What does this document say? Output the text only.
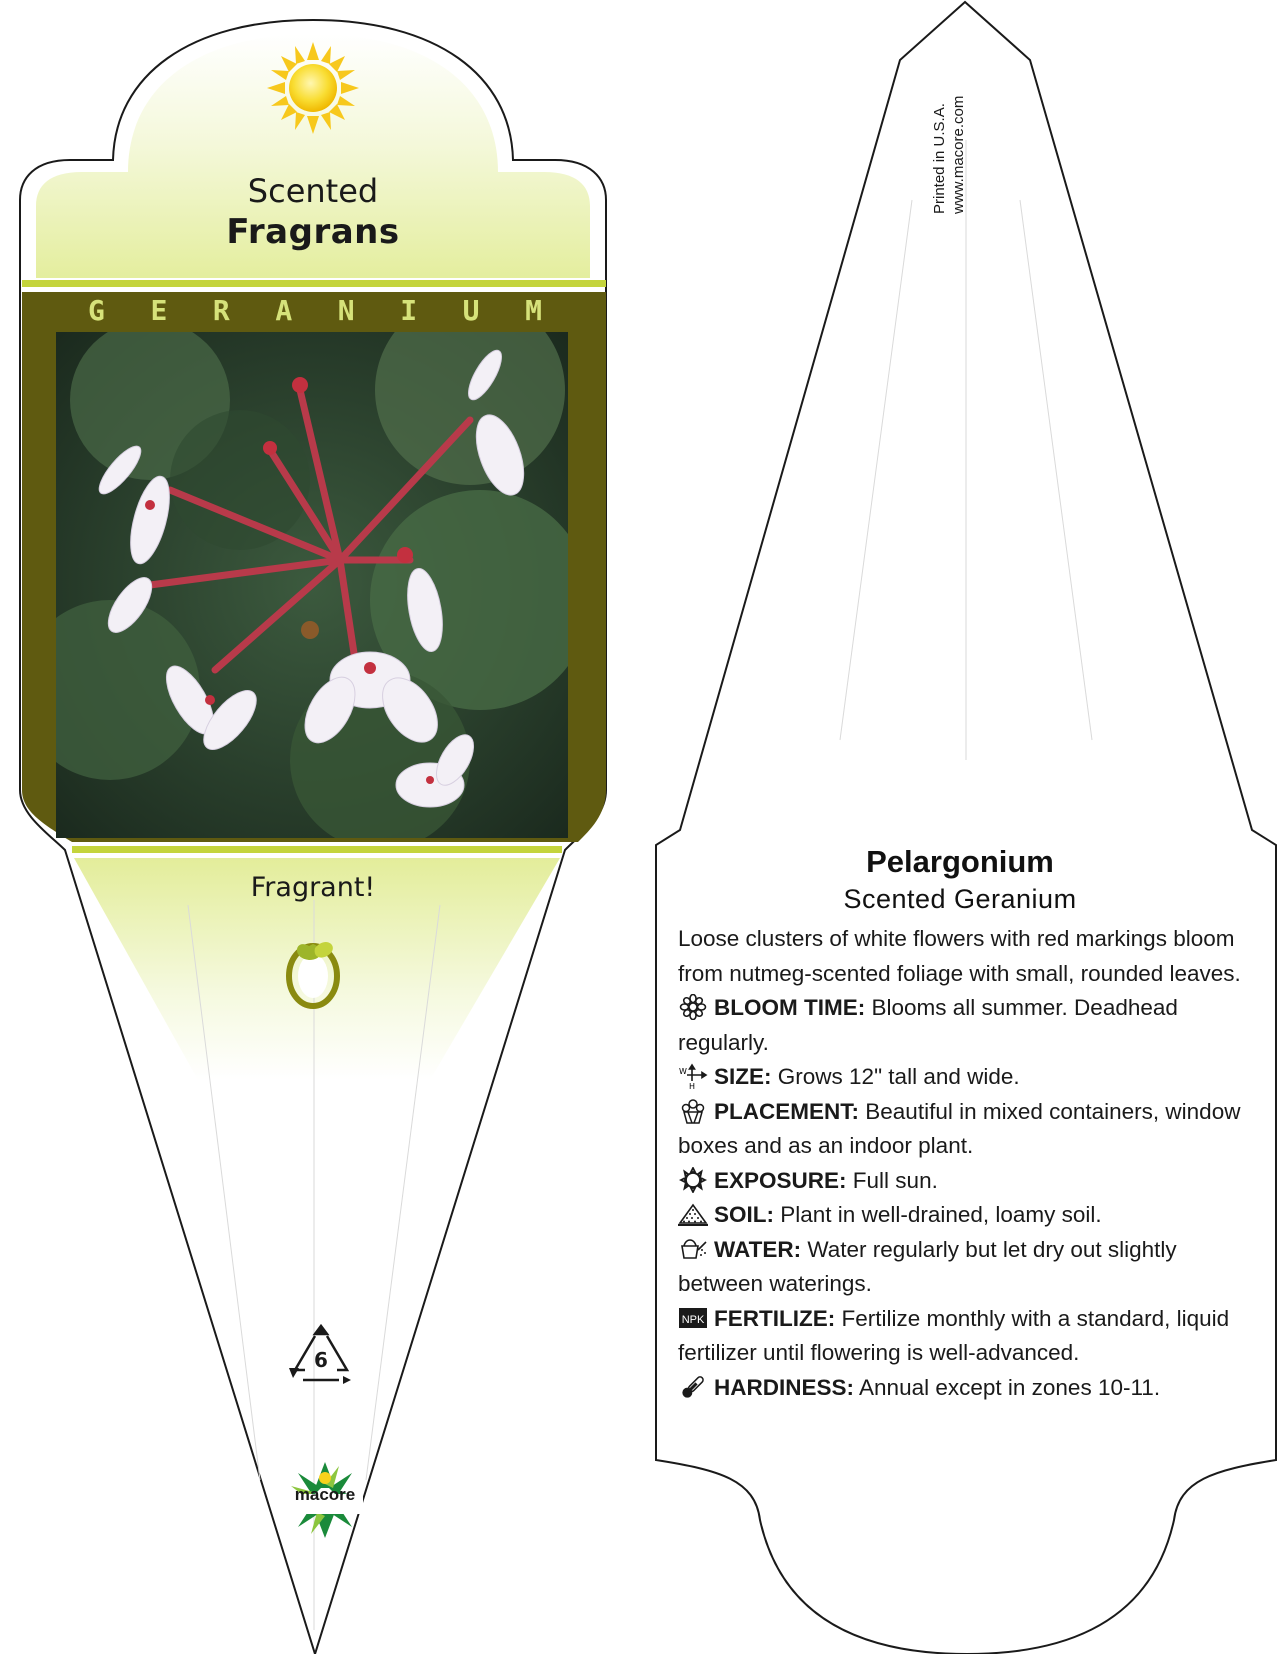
Scented
Fragrans
G E R A N I U M
Fragrant!
6
macore
Printed in U.S.A. www.macore.com
Pelargonium
Scented Geranium

Loose clusters of white flowers with red markings bloom from nutmeg-scented foliage with small, rounded leaves.

BLOOM TIME: Blooms all summer. Deadhead regularly.

W
H SIZE: Grows 12" tall and wide.

PLACEMENT: Beautiful in mixed containers, window boxes and as an indoor plant.

EXPOSURE: Full sun.

SOIL: Plant in well-drained, loamy soil.

WATER: Water regularly but let dry out slightly between waterings.

NPK FERTILIZE: Fertilize monthly with a standard, liquid fertilizer until flowering is well-advanced.

HARDINESS: Annual except in zones 10-11.
